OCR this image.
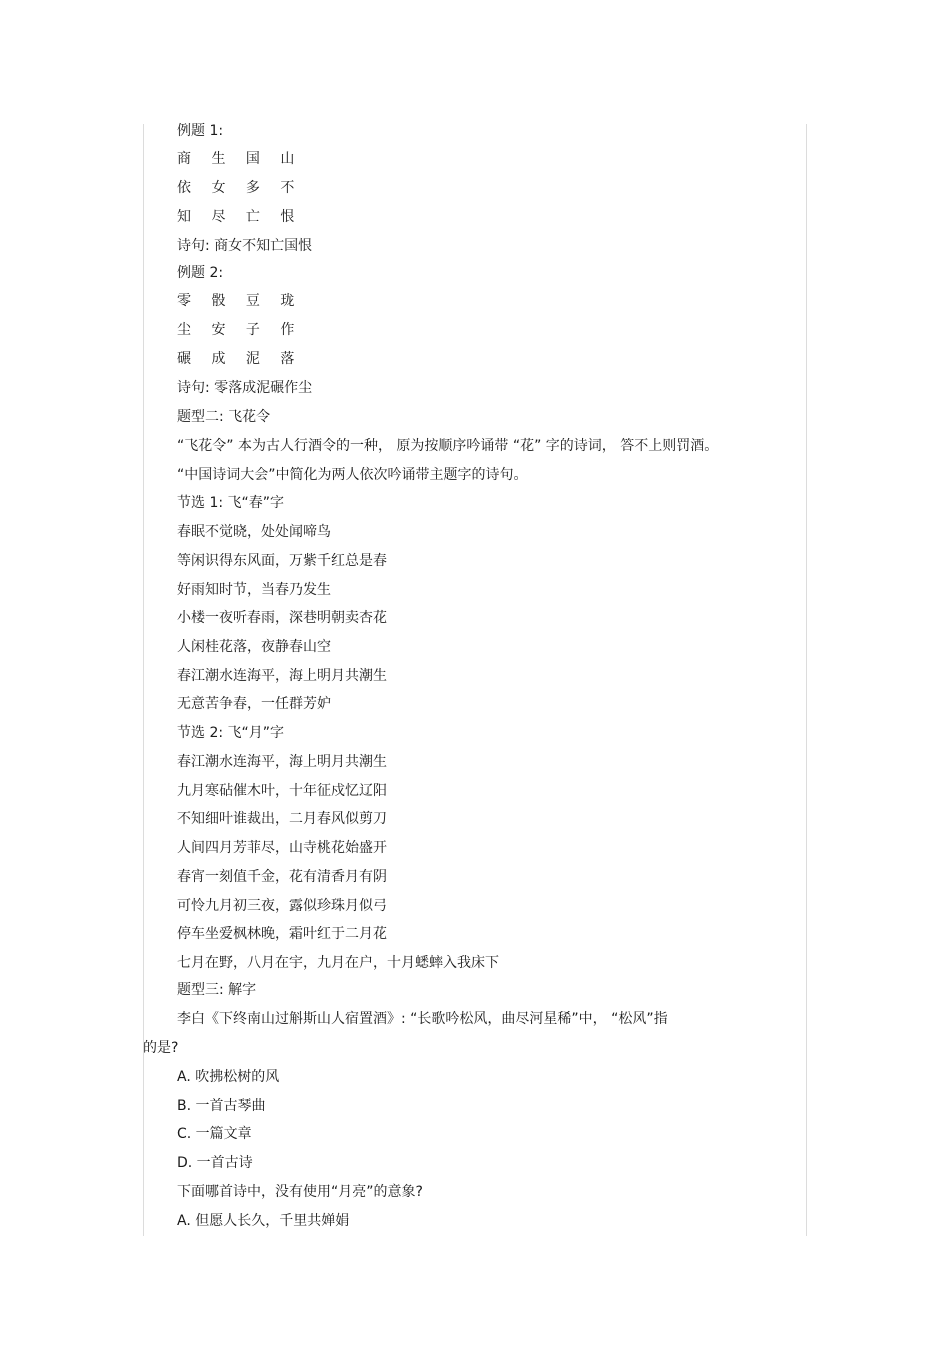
例题 1:
商 生 国 山
依 女 多 不
知 尽 亡 恨
诗句: 商女不知亡国恨
例题 2:
零 骰 豆 珑
尘 安 子 作
碾 成 泥 落
诗句: 零落成泥碾作尘
题型二: 飞花令
“飞花令” 本为古人行酒令的一种， 原为按顺序吟诵带 “花” 字的诗词， 答不上则罚酒。
“中国诗词大会”中简化为两人依次吟诵带主题字的诗句。
节选 1: 飞“春”字
春眠不觉晓，处处闻啼鸟
等闲识得东风面，万紫千红总是春
好雨知时节，当春乃发生
小楼一夜听春雨，深巷明朝卖杏花
人闲桂花落，夜静春山空
春江潮水连海平，海上明月共潮生
无意苦争春，一任群芳妒
节选 2: 飞“月”字
春江潮水连海平，海上明月共潮生
九月寒砧催木叶，十年征戍忆辽阳
不知细叶谁裁出，二月春风似剪刀
人间四月芳菲尽，山寺桃花始盛开
春宵一刻值千金，花有清香月有阴
可怜九月初三夜，露似珍珠月似弓
停车坐爱枫林晚，霜叶红于二月花
七月在野，八月在宇，九月在户，十月蟋蟀入我床下
题型三: 解字
李白《下终南山过斛斯山人宿置酒》: “长歌吟松风，曲尽河星稀”中， “松风”指
的是?
A. 吹拂松树的风
B. 一首古琴曲
C. 一篇文章
D. 一首古诗
下面哪首诗中，没有使用“月亮”的意象?
A. 但愿人长久，千里共婵娟
